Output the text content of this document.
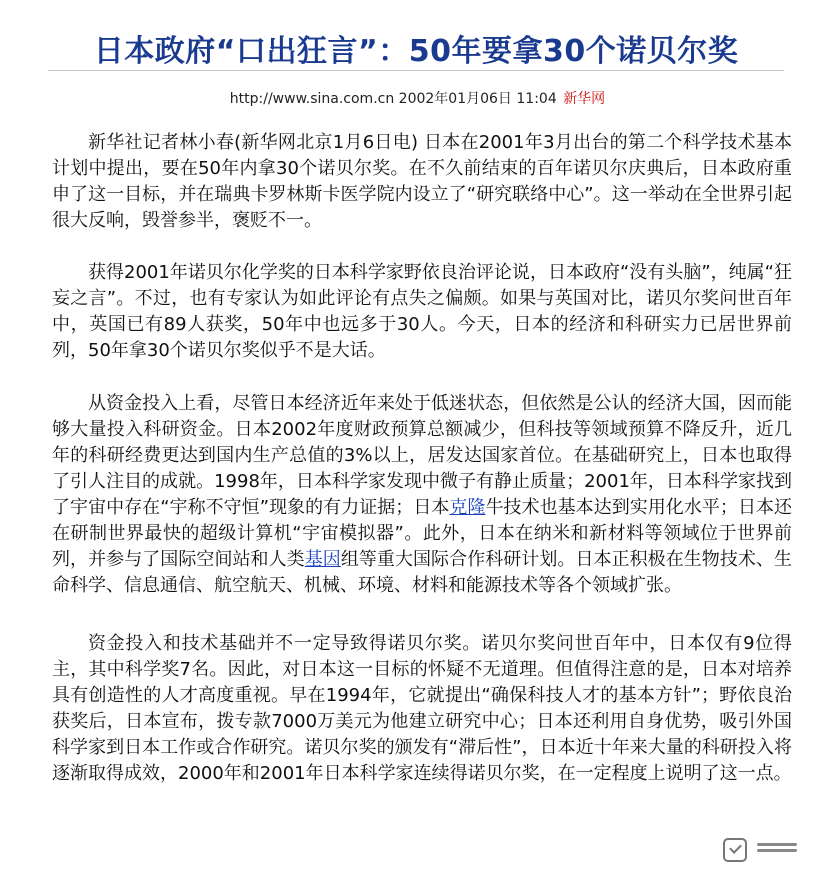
日本政府“口出狂言”：50年要拿30个诺贝尔奖
http://www.sina.com.cn 2002年01月06日 11:04 新华网

新华社记者林小春(新华网北京1月6日电) 日本在2001年3月出台的第二个科学技术基本计划中提出，要在50年内拿30个诺贝尔奖。在不久前结束的百年诺贝尔庆典后，日本政府重申了这一目标，并在瑞典卡罗林斯卡医学院内设立了“研究联络中心”。这一举动在全世界引起很大反响，毁誉参半，褒贬不一。

获得2001年诺贝尔化学奖的日本科学家野依良治评论说，日本政府“没有头脑”，纯属“狂妄之言”。不过，也有专家认为如此评论有点失之偏颇。如果与英国对比，诺贝尔奖问世百年中，英国已有89人获奖，50年中也远多于30人。今天，日本的经济和科研实力已居世界前列，50年拿30个诺贝尔奖似乎不是大话。

从资金投入上看，尽管日本经济近年来处于低迷状态，但依然是公认的经济大国，因而能够大量投入科研资金。日本2002年度财政预算总额减少，但科技等领域预算不降反升，近几年的科研经费更达到国内生产总值的3%以上，居发达国家首位。在基础研究上，日本也取得了引人注目的成就。1998年，日本科学家发现中微子有静止质量；2001年，日本科学家找到了宇宙中存在“宇称不守恒”现象的有力证据；日本克隆牛技术也基本达到实用化水平；日本还在研制世界最快的超级计算机“宇宙模拟器”。此外，日本在纳米和新材料等领域位于世界前列，并参与了国际空间站和人类基因组等重大国际合作科研计划。日本正积极在生物技术、生命科学、信息通信、航空航天、机械、环境、材料和能源技术等各个领域扩张。

资金投入和技术基础并不一定导致得诺贝尔奖。诺贝尔奖问世百年中，日本仅有9位得主，其中科学奖7名。因此，对日本这一目标的怀疑不无道理。但值得注意的是，日本对培养具有创造性的人才高度重视。早在1994年，它就提出“确保科技人才的基本方针”；野依良治获奖后，日本宣布，拨专款7000万美元为他建立研究中心；日本还利用自身优势，吸引外国科学家到日本工作或合作研究。诺贝尔奖的颁发有“滞后性”，日本近十年来大量的科研投入将逐渐取得成效，2000年和2001年日本科学家连续得诺贝尔奖，在一定程度上说明了这一点。
